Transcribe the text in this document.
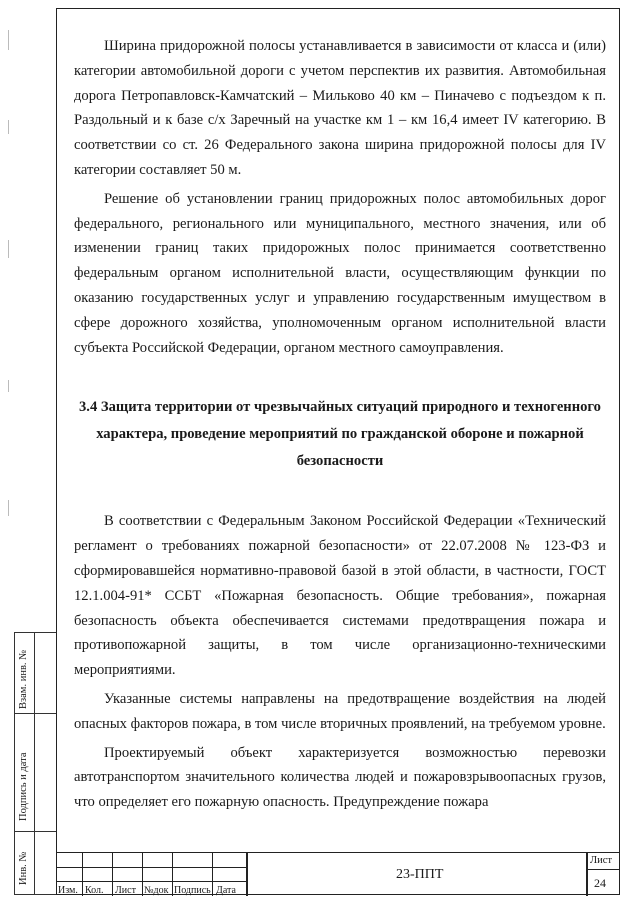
Ширина придорожной полосы устанавливается в зависимости от класса и (или) категории автомобильной дороги с учетом перспектив их развития. Автомобильная дорога Петропавловск-Камчатский – Мильково 40 км – Пиначево с подъездом к п. Раздольный и к базе с/х Заречный на участке км 1 – км 16,4 имеет IV категорию. В соответствии со ст. 26 Федерального закона ширина придорожной полосы для IV категории составляет 50 м.

Решение об установлении границ придорожных полос автомобильных дорог федерального, регионального или муниципального, местного значения, или об изменении границ таких придорожных полос принимается соответственно федеральным органом исполнительной власти, осуществляющим функции по оказанию государственных услуг и управлению государственным имуществом в сфере дорожного хозяйства, уполномоченным органом исполнительной власти субъекта Российской Федерации, органом местного самоуправления.

3.4 Защита территории от чрезвычайных ситуаций природного и техногенного характера, проведение мероприятий по гражданской обороне и пожарной безопасности

В соответствии с Федеральным Законом Российской Федерации «Технический регламент о требованиях пожарной безопасности» от 22.07.2008 № 123-ФЗ и сформировавшейся нормативно-правовой базой в этой области, в частности, ГОСТ 12.1.004-91* ССБТ «Пожарная безопасность. Общие требования», пожарная безопасность объекта обеспечивается системами предотвращения пожара и противопожарной защиты, в том числе организационно-техническими мероприятиями.

Указанные системы направлены на предотвращение воздействия на людей опасных факторов пожара, в том числе вторичных проявлений, на требуемом уровне.

Проектируемый объект характеризуется возможностью перевозки автотранспортом значительного количества людей и пожаровзрывоопасных грузов, что определяет его пожарную опасность. Предупреждение пожара

Взам. инв. №
Подпись и дата
Инв. №
Изм. Кол. Лист №док Подпись Дата
23-ППТ
Лист
24
